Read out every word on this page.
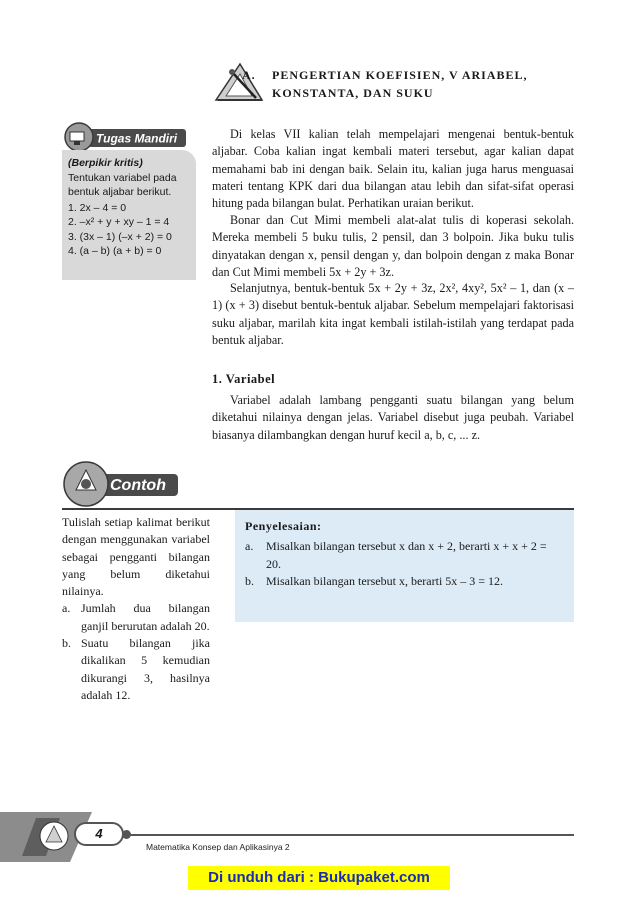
A. PENGERTIAN KOEFISIEN, V ARIABEL,
KONSTANTA, DAN SUKU
Tugas Mandiri
(Berpikir kritis)
Tentukan variabel pada bentuk aljabar berikut.
1. 2x – 4 = 0
2. –x² + y + xy – 1 = 4
3. (3x – 1) (–x + 2) = 0
4. (a – b) (a + b) = 0

Di kelas VII kalian telah mempelajari mengenai bentuk-bentuk aljabar. Coba kalian ingat kembali materi tersebut, agar kalian dapat memahami bab ini dengan baik. Selain itu, kalian juga harus menguasai materi tentang KPK dari dua bilangan atau lebih dan sifat-sifat operasi hitung pada bilangan bulat. Perhatikan uraian berikut.

Bonar dan Cut Mimi membeli alat-alat tulis di koperasi sekolah. Mereka membeli 5 buku tulis, 2 pensil, dan 3 bolpoin. Jika buku tulis dinyatakan dengan x, pensil dengan y, dan bolpoin dengan z maka Bonar dan Cut Mimi membeli 5x + 2y + 3z.

Selanjutnya, bentuk-bentuk 5x + 2y + 3z, 2x², 4xy², 5x² – 1, dan (x – 1) (x + 3) disebut bentuk-bentuk aljabar. Sebelum mempelajari faktorisasi suku aljabar, marilah kita ingat kembali istilah-istilah yang terdapat pada bentuk aljabar.

1. Variabel

Variabel adalah lambang pengganti suatu bilangan yang belum diketahui nilainya dengan jelas. Variabel disebut juga peubah. Variabel biasanya dilambangkan dengan huruf kecil a, b, c, ... z.

Contoh

Tulislah setiap kalimat berikut dengan menggunakan variabel sebagai pengganti bilangan yang belum diketahui nilainya.

a. Jumlah dua bilangan ganjil berurutan adalah 20.
b. Suatu bilangan jika dikalikan 5 kemudian dikurangi 3, hasilnya adalah 12.
Penyelesaian:
a.	Misalkan bilangan tersebut x dan x + 2, berarti x + x + 2 = 20.
b.	Misalkan bilangan tersebut x, berarti 5x – 3 = 12.
4
Matematika Konsep dan Aplikasinya 2
Di unduh dari : Bukupaket.com
